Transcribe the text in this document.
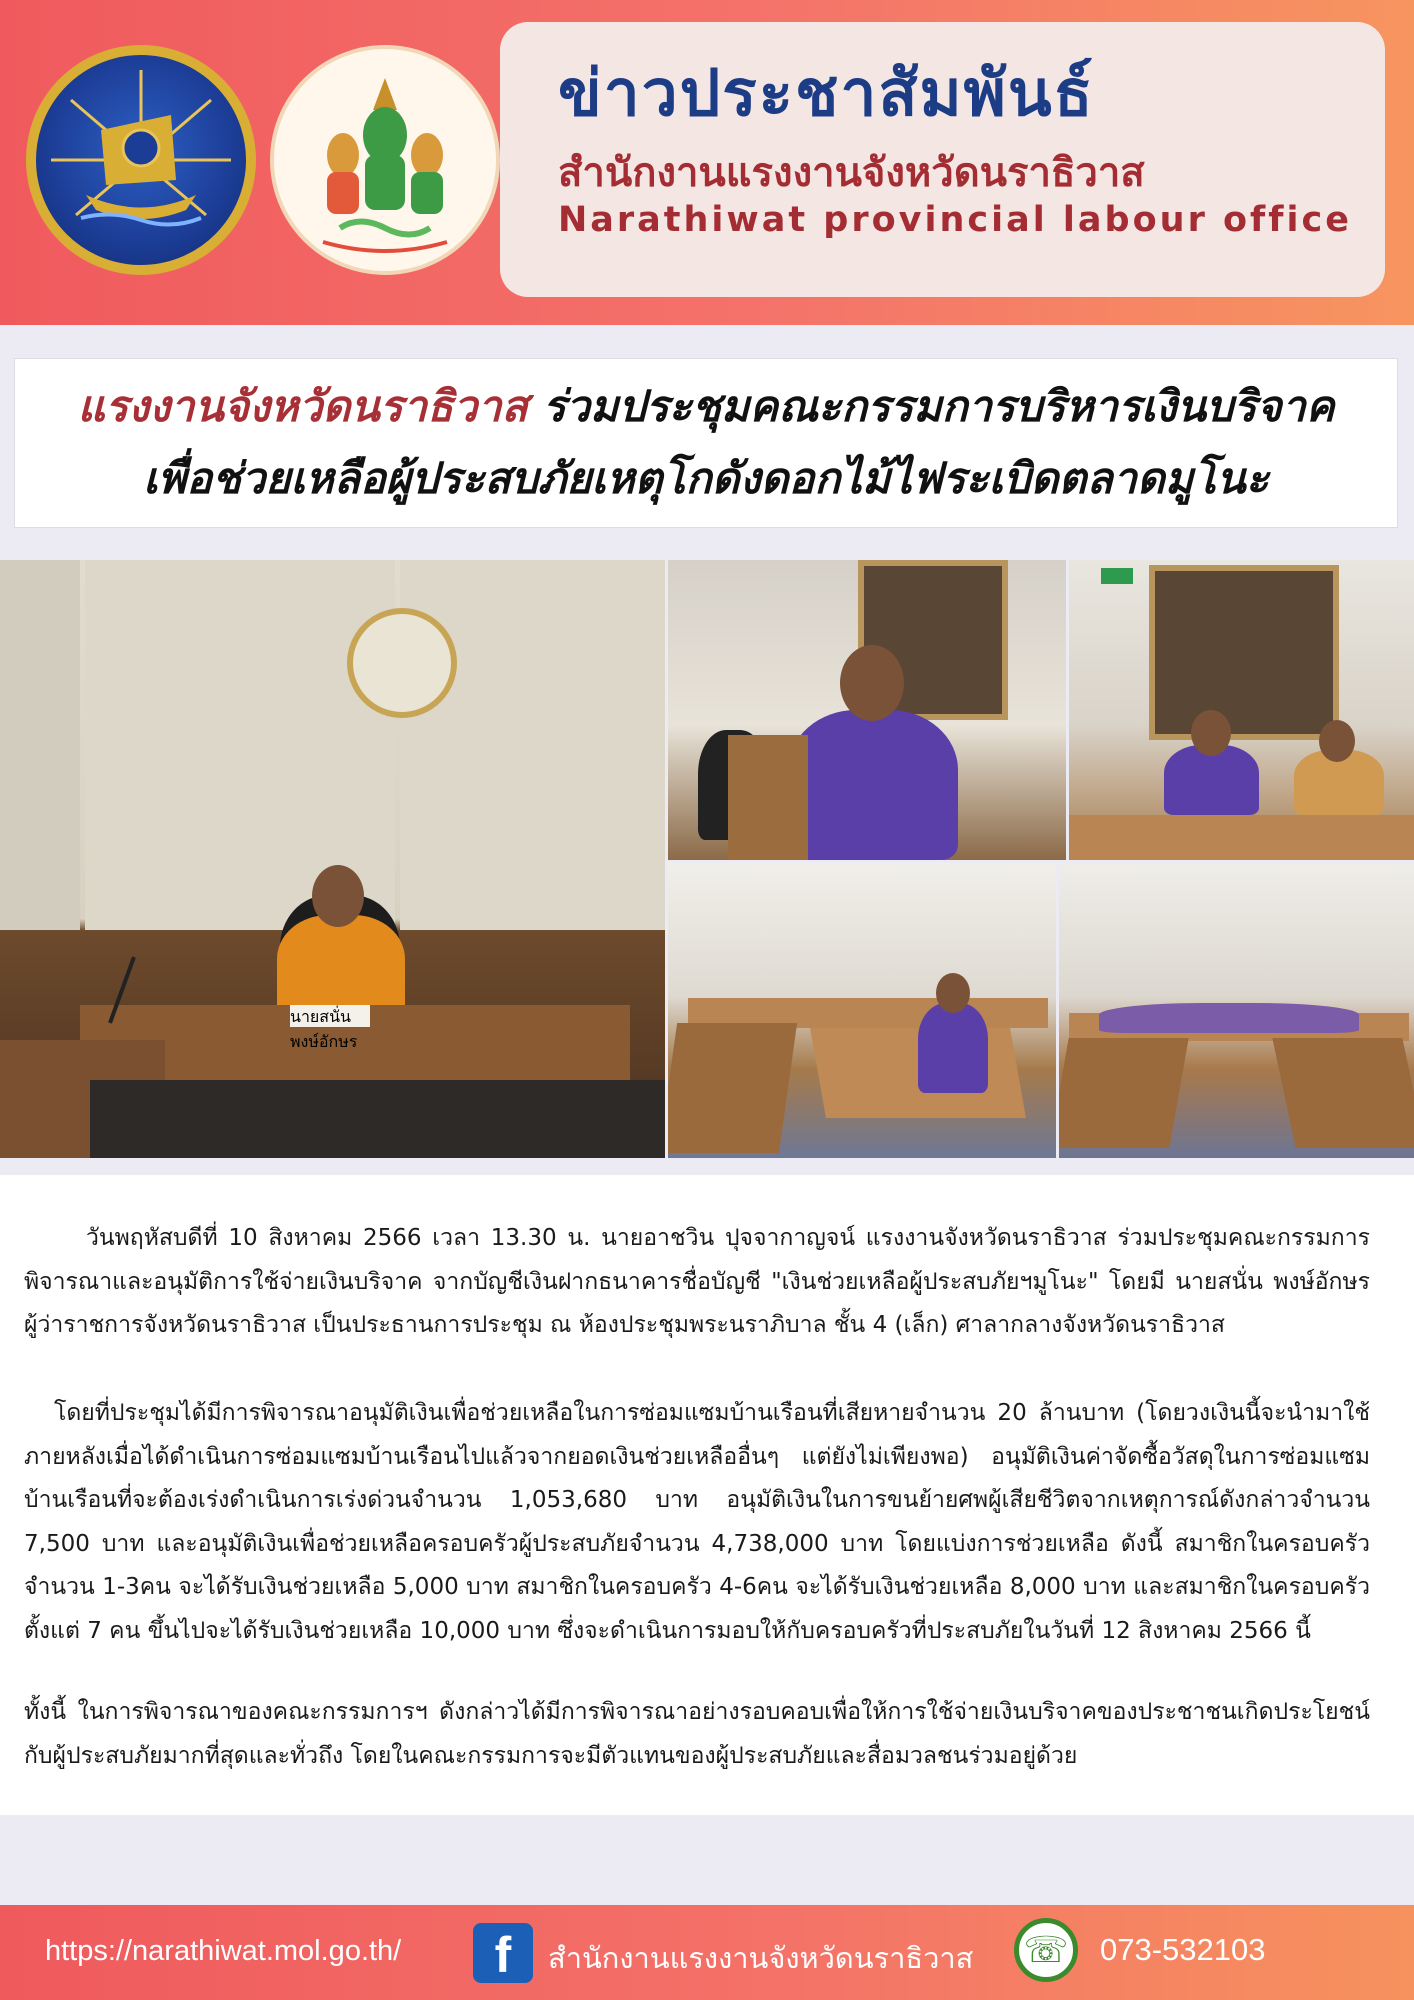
ข่าวประชาสัมพันธ์
สำนักงานแรงงานจังหวัดนราธิวาส
Narathiwat provincial labour office
แรงงานจังหวัดนราธิวาส ร่วมประชุมคณะกรรมการบริหารเงินบริจาค
เพื่อช่วยเหลือผู้ประสบภัยเหตุโกดังดอกไม้ไฟระเบิดตลาดมูโนะ
นายสนั่น พงษ์อักษร

วันพฤหัสบดีที่ 10 สิงหาคม 2566 เวลา 13.30 น. นายอาชวิน ปุจจากาญจน์ แรงงานจังหวัดนราธิวาส ร่วมประชุมคณะกรรมการพิจารณาและอนุมัติการใช้จ่ายเงินบริจาค จากบัญชีเงินฝากธนาคารชื่อบัญชี "เงินช่วยเหลือผู้ประสบภัยฯมูโนะ" โดยมี นายสนั่น พงษ์อักษร ผู้ว่าราชการจังหวัดนราธิวาส เป็นประธานการประชุม ณ ห้องประชุมพระนราภิบาล ชั้น 4 (เล็ก) ศาลากลางจังหวัดนราธิวาส

โดยที่ประชุมได้มีการพิจารณาอนุมัติเงินเพื่อช่วยเหลือในการซ่อมแซมบ้านเรือนที่เสียหายจำนวน 20 ล้านบาท (โดยวงเงินนี้จะนำมาใช้ภายหลังเมื่อได้ดำเนินการซ่อมแซมบ้านเรือนไปแล้วจากยอดเงินช่วยเหลืออื่นๆ แต่ยังไม่เพียงพอ) อนุมัติเงินค่าจัดซื้อวัสดุในการซ่อมแซมบ้านเรือนที่จะต้องเร่งดำเนินการเร่งด่วนจำนวน 1,053,680 บาท อนุมัติเงินในการขนย้ายศพผู้เสียชีวิตจากเหตุการณ์ดังกล่าวจำนวน 7,500 บาท และอนุมัติเงินเพื่อช่วยเหลือครอบครัวผู้ประสบภัยจำนวน 4,738,000 บาท โดยแบ่งการช่วยเหลือ ดังนี้ สมาชิกในครอบครัวจำนวน 1-3คน จะได้รับเงินช่วยเหลือ 5,000 บาท สมาชิกในครอบครัว 4-6คน จะได้รับเงินช่วยเหลือ 8,000 บาท และสมาชิกในครอบครัวตั้งแต่ 7 คน ขึ้นไปจะได้รับเงินช่วยเหลือ 10,000 บาท ซึ่งจะดำเนินการมอบให้กับครอบครัวที่ประสบภัยในวันที่ 12 สิงหาคม 2566 นี้

ทั้งนี้ ในการพิจารณาของคณะกรรมการฯ ดังกล่าวได้มีการพิจารณาอย่างรอบคอบเพื่อให้การใช้จ่ายเงินบริจาคของประชาชนเกิดประโยชน์กับผู้ประสบภัยมากที่สุดและทั่วถึง โดยในคณะกรรมการจะมีตัวแทนของผู้ประสบภัยและสื่อมวลชนร่วมอยู่ด้วย

https://narathiwat.mol.go.th/	f	สำนักงานแรงงานจังหวัดนราธิวาส ☏	073-532103
